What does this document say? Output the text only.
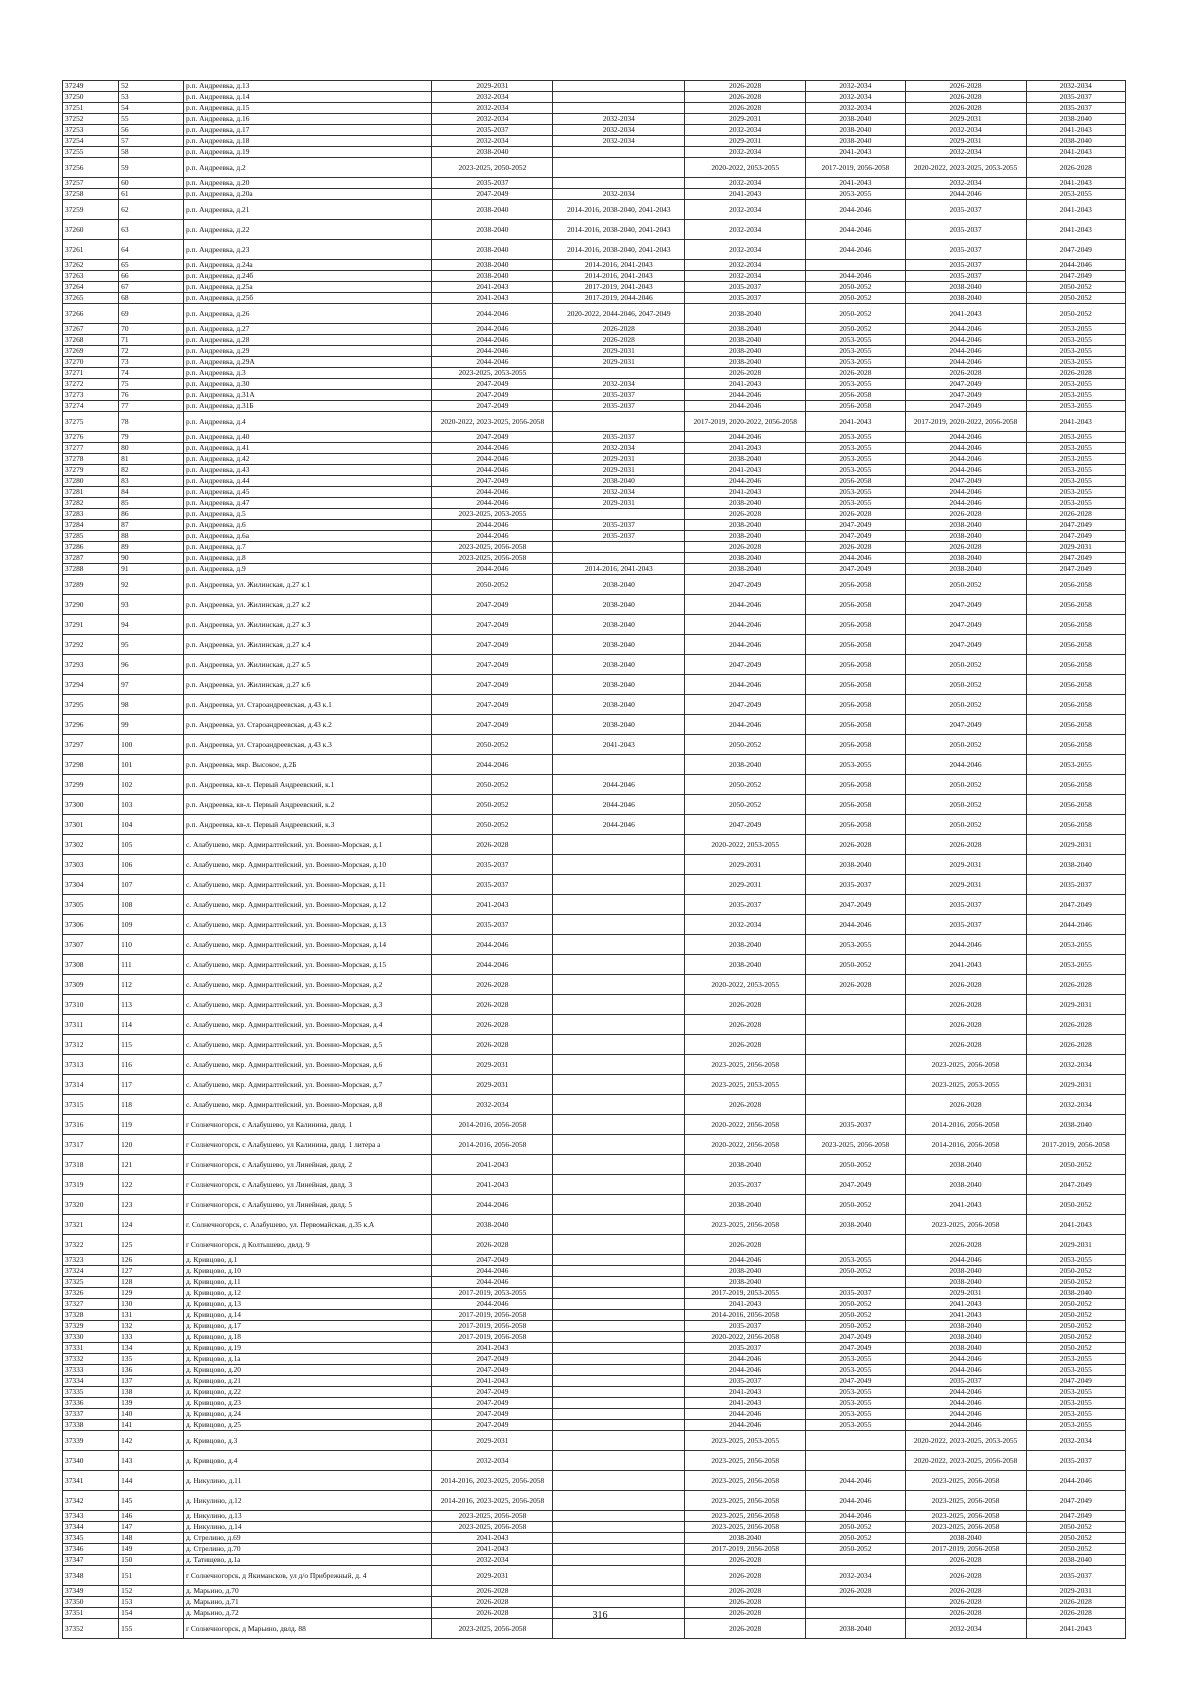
37249	52	р.п. Андреевка, д.13	2029-2031		2026-2028	2032-2034	2026-2028	2032-2034
37250	53	р.п. Андреевка, д.14	2032-2034		2026-2028	2032-2034	2026-2028	2035-2037
37251	54	р.п. Андреевка, д.15	2032-2034		2026-2028	2032-2034	2026-2028	2035-2037
37252	55	р.п. Андреевка, д.16	2032-2034	2032-2034	2029-2031	2038-2040	2029-2031	2038-2040
37253	56	р.п. Андреевка, д.17	2035-2037	2032-2034	2032-2034	2038-2040	2032-2034	2041-2043
37254	57	р.п. Андреевка, д.18	2032-2034	2032-2034	2029-2031	2038-2040	2029-2031	2038-2040
37255	58	р.п. Андреевка, д.19	2038-2040		2032-2034	2041-2043	2032-2034	2041-2043
37256	59	р.п. Андреевка, д.2	2023-2025, 2050-2052		2020-2022, 2053-2055	2017-2019, 2056-2058	2020-2022, 2023-2025, 2053-2055	2026-2028
37257	60	р.п. Андреевка, д.20	2035-2037		2032-2034	2041-2043	2032-2034	2041-2043
37258	61	р.п. Андреевка, д.20а	2047-2049	2032-2034	2041-2043	2053-2055	2044-2046	2053-2055
37259	62	р.п. Андреевка, д.21	2038-2040	2014-2016, 2038-2040, 2041-2043	2032-2034	2044-2046	2035-2037	2041-2043
37260	63	р.п. Андреевка, д.22	2038-2040	2014-2016, 2038-2040, 2041-2043	2032-2034	2044-2046	2035-2037	2041-2043
37261	64	р.п. Андреевка, д.23	2038-2040	2014-2016, 2038-2040, 2041-2043	2032-2034	2044-2046	2035-2037	2047-2049
37262	65	р.п. Андреевка, д.24а	2038-2040	2014-2016, 2041-2043	2032-2034		2035-2037	2044-2046
37263	66	р.п. Андреевка, д.24б	2038-2040	2014-2016, 2041-2043	2032-2034	2044-2046	2035-2037	2047-2049
37264	67	р.п. Андреевка, д.25а	2041-2043	2017-2019, 2041-2043	2035-2037	2050-2052	2038-2040	2050-2052
37265	68	р.п. Андреевка, д.25б	2041-2043	2017-2019, 2044-2046	2035-2037	2050-2052	2038-2040	2050-2052
37266	69	р.п. Андреевка, д.26	2044-2046	2020-2022, 2044-2046, 2047-2049	2038-2040	2050-2052	2041-2043	2050-2052
37267	70	р.п. Андреевка, д.27	2044-2046	2026-2028	2038-2040	2050-2052	2044-2046	2053-2055
37268	71	р.п. Андреевка, д.28	2044-2046	2026-2028	2038-2040	2053-2055	2044-2046	2053-2055
37269	72	р.п. Андреевка, д.29	2044-2046	2029-2031	2038-2040	2053-2055	2044-2046	2053-2055
37270	73	р.п. Андреевка, д.29А	2044-2046	2029-2031	2038-2040	2053-2055	2044-2046	2053-2055
37271	74	р.п. Андреевка, д.3	2023-2025, 2053-2055		2026-2028	2026-2028	2026-2028	2026-2028
37272	75	р.п. Андреевка, д.30	2047-2049	2032-2034	2041-2043	2053-2055	2047-2049	2053-2055
37273	76	р.п. Андреевка, д.31А	2047-2049	2035-2037	2044-2046	2056-2058	2047-2049	2053-2055
37274	77	р.п. Андреевка, д.31Б	2047-2049	2035-2037	2044-2046	2056-2058	2047-2049	2053-2055
37275	78	р.п. Андреевка, д.4	2020-2022, 2023-2025, 2056-2058		2017-2019, 2020-2022, 2056-2058	2041-2043	2017-2019, 2020-2022, 2056-2058	2041-2043
37276	79	р.п. Андреевка, д.40	2047-2049	2035-2037	2044-2046	2053-2055	2044-2046	2053-2055
37277	80	р.п. Андреевка, д.41	2044-2046	2032-2034	2041-2043	2053-2055	2044-2046	2053-2055
37278	81	р.п. Андреевка, д.42	2044-2046	2029-2031	2038-2040	2053-2055	2044-2046	2053-2055
37279	82	р.п. Андреевка, д.43	2044-2046	2029-2031	2041-2043	2053-2055	2044-2046	2053-2055
37280	83	р.п. Андреевка, д.44	2047-2049	2038-2040	2044-2046	2056-2058	2047-2049	2053-2055
37281	84	р.п. Андреевка, д.45	2044-2046	2032-2034	2041-2043	2053-2055	2044-2046	2053-2055
37282	85	р.п. Андреевка, д.47	2044-2046	2029-2031	2038-2040	2053-2055	2044-2046	2053-2055
37283	86	р.п. Андреевка, д.5	2023-2025, 2053-2055		2026-2028	2026-2028	2026-2028	2026-2028
37284	87	р.п. Андреевка, д.6	2044-2046	2035-2037	2038-2040	2047-2049	2038-2040	2047-2049
37285	88	р.п. Андреевка, д.6а	2044-2046	2035-2037	2038-2040	2047-2049	2038-2040	2047-2049
37286	89	р.п. Андреевка, д.7	2023-2025, 2056-2058		2026-2028	2026-2028	2026-2028	2029-2031
37287	90	р.п. Андреевка, д.8	2023-2025, 2056-2058		2038-2040	2044-2046	2038-2040	2047-2049
37288	91	р.п. Андреевка, д.9	2044-2046	2014-2016, 2041-2043	2038-2040	2047-2049	2038-2040	2047-2049
37289	92	р.п. Андреевка, ул. Жилинская, д.27 к.1	2050-2052	2038-2040	2047-2049	2056-2058	2050-2052	2056-2058
37290	93	р.п. Андреевка, ул. Жилинская, д.27 к.2	2047-2049	2038-2040	2044-2046	2056-2058	2047-2049	2056-2058
37291	94	р.п. Андреевка, ул. Жилинская, д.27 к.3	2047-2049	2038-2040	2044-2046	2056-2058	2047-2049	2056-2058
37292	95	р.п. Андреевка, ул. Жилинская, д.27 к.4	2047-2049	2038-2040	2044-2046	2056-2058	2047-2049	2056-2058
37293	96	р.п. Андреевка, ул. Жилинская, д.27 к.5	2047-2049	2038-2040	2047-2049	2056-2058	2050-2052	2056-2058
37294	97	р.п. Андреевка, ул. Жилинская, д.27 к.6	2047-2049	2038-2040	2044-2046	2056-2058	2050-2052	2056-2058
37295	98	р.п. Андреевка, ул. Староандреевская, д.43 к.1	2047-2049	2038-2040	2047-2049	2056-2058	2050-2052	2056-2058
37296	99	р.п. Андреевка, ул. Староандреевская, д.43 к.2	2047-2049	2038-2040	2044-2046	2056-2058	2047-2049	2056-2058
37297	100	р.п. Андреевка, ул. Староандреевская, д.43 к.3	2050-2052	2041-2043	2050-2052	2056-2058	2050-2052	2056-2058
37298	101	р.п. Андреевка, мкр. Высокое, д.2Б	2044-2046		2038-2040	2053-2055	2044-2046	2053-2055
37299	102	р.п. Андреевка, кв-л. Первый Андреевский, к.1	2050-2052	2044-2046	2050-2052	2056-2058	2050-2052	2056-2058
37300	103	р.п. Андреевка, кв-л. Первый Андреевский, к.2	2050-2052	2044-2046	2050-2052	2056-2058	2050-2052	2056-2058
37301	104	р.п. Андреевка, кв-л. Первый Андреевский, к.3	2050-2052	2044-2046	2047-2049	2056-2058	2050-2052	2056-2058
37302	105	с. Алабушево, мкр. Адмиралтейский, ул. Военно-Морская, д.1	2026-2028		2020-2022, 2053-2055	2026-2028	2026-2028	2029-2031
37303	106	с. Алабушево, мкр. Адмиралтейский, ул. Военно-Морская, д.10	2035-2037		2029-2031	2038-2040	2029-2031	2038-2040
37304	107	с. Алабушево, мкр. Адмиралтейский, ул. Военно-Морская, д.11	2035-2037		2029-2031	2035-2037	2029-2031	2035-2037
37305	108	с. Алабушево, мкр. Адмиралтейский, ул. Военно-Морская, д.12	2041-2043		2035-2037	2047-2049	2035-2037	2047-2049
37306	109	с. Алабушево, мкр. Адмиралтейский, ул. Военно-Морская, д.13	2035-2037		2032-2034	2044-2046	2035-2037	2044-2046
37307	110	с. Алабушево, мкр. Адмиралтейский, ул. Военно-Морская, д.14	2044-2046		2038-2040	2053-2055	2044-2046	2053-2055
37308	111	с. Алабушево, мкр. Адмиралтейский, ул. Военно-Морская, д.15	2044-2046		2038-2040	2050-2052	2041-2043	2053-2055
37309	112	с. Алабушево, мкр. Адмиралтейский, ул. Военно-Морская, д.2	2026-2028		2020-2022, 2053-2055	2026-2028	2026-2028	2026-2028
37310	113	с. Алабушево, мкр. Адмиралтейский, ул. Военно-Морская, д.3	2026-2028		2026-2028		2026-2028	2029-2031
37311	114	с. Алабушево, мкр. Адмиралтейский, ул. Военно-Морская, д.4	2026-2028		2026-2028		2026-2028	2026-2028
37312	115	с. Алабушево, мкр. Адмиралтейский, ул. Военно-Морская, д.5	2026-2028		2026-2028		2026-2028	2026-2028
37313	116	с. Алабушево, мкр. Адмиралтейский, ул. Военно-Морская, д.6	2029-2031		2023-2025, 2056-2058		2023-2025, 2056-2058	2032-2034
37314	117	с. Алабушево, мкр. Адмиралтейский, ул. Военно-Морская, д.7	2029-2031		2023-2025, 2053-2055		2023-2025, 2053-2055	2029-2031
37315	118	с. Алабушево, мкр. Адмиралтейский, ул. Военно-Морская, д.8	2032-2034		2026-2028		2026-2028	2032-2034
37316	119	г Солнечногорск, с Алабушево, ул Калинина, двлд. 1	2014-2016, 2056-2058		2020-2022, 2056-2058	2035-2037	2014-2016, 2056-2058	2038-2040
37317	120	г Солнечногорск, с Алабушево, ул Калинина, двлд. 1 литера а	2014-2016, 2056-2058		2020-2022, 2056-2058	2023-2025, 2056-2058	2014-2016, 2056-2058	2017-2019, 2056-2058
37318	121	г Солнечногорск, с Алабушево, ул Линейная, двлд. 2	2041-2043		2038-2040	2050-2052	2038-2040	2050-2052
37319	122	г Солнечногорск, с Алабушево, ул Линейная, двлд. 3	2041-2043		2035-2037	2047-2049	2038-2040	2047-2049
37320	123	г Солнечногорск, с Алабушево, ул Линейная, двлд. 5	2044-2046		2038-2040	2050-2052	2041-2043	2050-2052
37321	124	г. Солнечногорск, с. Алабушево, ул. Первомайская, д.35 к.А	2038-2040		2023-2025, 2056-2058	2038-2040	2023-2025, 2056-2058	2041-2043
37322	125	г Солнечногорск, д Колтышево, двлд. 9	2026-2028		2026-2028		2026-2028	2029-2031
37323	126	д. Кривцово, д.1	2047-2049		2044-2046	2053-2055	2044-2046	2053-2055
37324	127	д. Кривцово, д.10	2044-2046		2038-2040	2050-2052	2038-2040	2050-2052
37325	128	д. Кривцово, д.11	2044-2046		2038-2040		2038-2040	2050-2052
37326	129	д. Кривцово, д.12	2017-2019, 2053-2055		2017-2019, 2053-2055	2035-2037	2029-2031	2038-2040
37327	130	д. Кривцово, д.13	2044-2046		2041-2043	2050-2052	2041-2043	2050-2052
37328	131	д. Кривцово, д.14	2017-2019, 2056-2058		2014-2016, 2056-2058	2050-2052	2041-2043	2050-2052
37329	132	д. Кривцово, д.17	2017-2019, 2056-2058		2035-2037	2050-2052	2038-2040	2050-2052
37330	133	д. Кривцово, д.18	2017-2019, 2056-2058		2020-2022, 2056-2058	2047-2049	2038-2040	2050-2052
37331	134	д. Кривцово, д.19	2041-2043		2035-2037	2047-2049	2038-2040	2050-2052
37332	135	д. Кривцово, д.1а	2047-2049		2044-2046	2053-2055	2044-2046	2053-2055
37333	136	д. Кривцово, д.20	2047-2049		2044-2046	2053-2055	2044-2046	2053-2055
37334	137	д. Кривцово, д.21	2041-2043		2035-2037	2047-2049	2035-2037	2047-2049
37335	138	д. Кривцово, д.22	2047-2049		2041-2043	2053-2055	2044-2046	2053-2055
37336	139	д. Кривцово, д.23	2047-2049		2041-2043	2053-2055	2044-2046	2053-2055
37337	140	д. Кривцово, д.24	2047-2049		2044-2046	2053-2055	2044-2046	2053-2055
37338	141	д. Кривцово, д.25	2047-2049		2044-2046	2053-2055	2044-2046	2053-2055
37339	142	д. Кривцово, д.3	2029-2031		2023-2025, 2053-2055		2020-2022, 2023-2025, 2053-2055	2032-2034
37340	143	д. Кривцово, д.4	2032-2034		2023-2025, 2056-2058		2020-2022, 2023-2025, 2056-2058	2035-2037
37341	144	д. Никулино, д.11	2014-2016, 2023-2025, 2056-2058		2023-2025, 2056-2058	2044-2046	2023-2025, 2056-2058	2044-2046
37342	145	д. Никулино, д.12	2014-2016, 2023-2025, 2056-2058		2023-2025, 2056-2058	2044-2046	2023-2025, 2056-2058	2047-2049
37343	146	д. Никулино, д.13	2023-2025, 2056-2058		2023-2025, 2056-2058	2044-2046	2023-2025, 2056-2058	2047-2049
37344	147	д. Никулино, д.14	2023-2025, 2056-2058		2023-2025, 2056-2058	2050-2052	2023-2025, 2056-2058	2050-2052
37345	148	д. Стрелино, д.69	2041-2043		2038-2040	2050-2052	2038-2040	2050-2052
37346	149	д. Стрелино, д.70	2041-2043		2017-2019, 2056-2058	2050-2052	2017-2019, 2056-2058	2050-2052
37347	150	д. Татищево, д.1а	2032-2034		2026-2028		2026-2028	2038-2040
37348	151	г Солнечногорск, д Якимансков, ул д/о Прибрежный, д. 4	2029-2031		2026-2028	2032-2034	2026-2028	2035-2037
37349	152	д. Марьино, д.70	2026-2028		2026-2028	2026-2028	2026-2028	2029-2031
37350	153	д. Марьино, д.71	2026-2028		2026-2028		2026-2028	2026-2028
37351	154	д. Марьино, д.72	2026-2028		2026-2028		2026-2028	2026-2028
37352	155	г Солнечногорск, д Марьино, двлд. 88	2023-2025, 2056-2058		2026-2028	2038-2040	2032-2034	2041-2043
316
